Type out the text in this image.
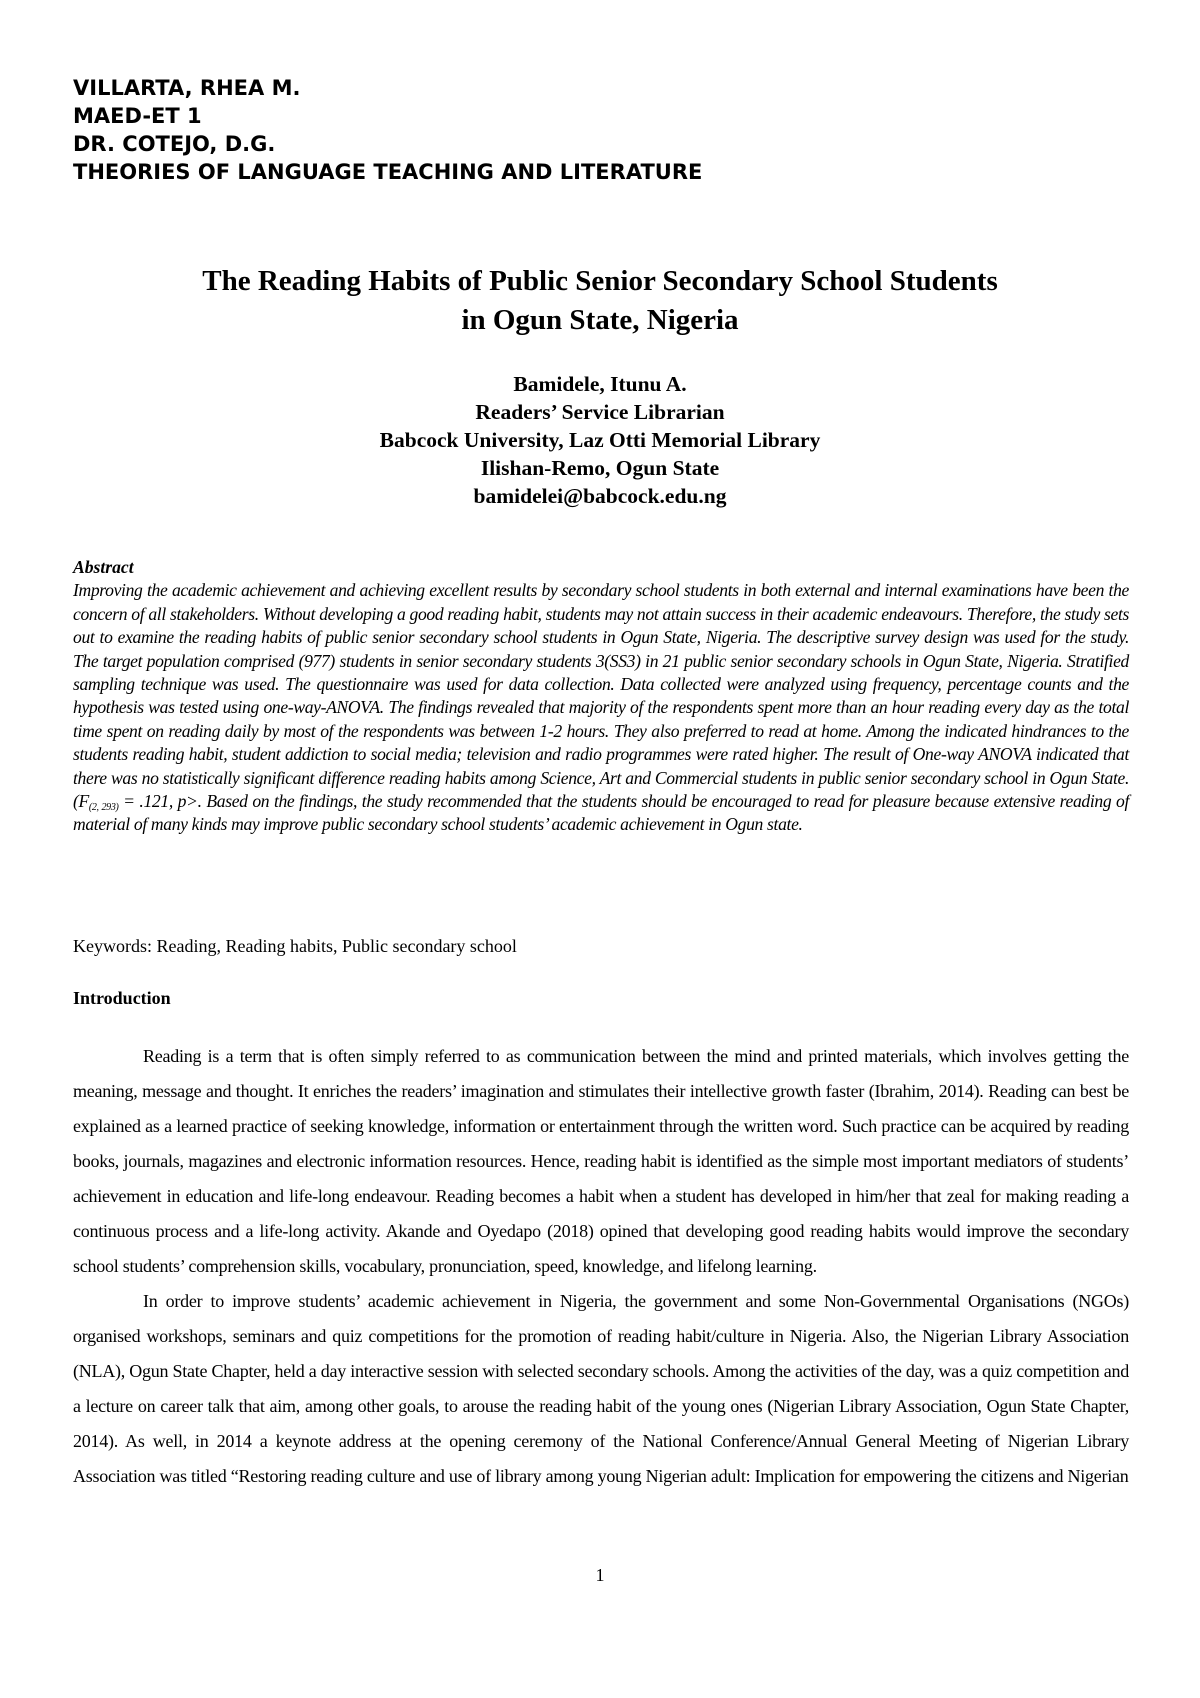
VILLARTA, RHEA M.
MAED-ET 1
DR. COTEJO, D.G.
THEORIES OF LANGUAGE TEACHING AND LITERATURE
The Reading Habits of Public Senior Secondary School Students
in Ogun State, Nigeria
Bamidele, Itunu A.
Readers’ Service Librarian
Babcock University, Laz Otti Memorial Library
Ilishan-Remo, Ogun State
bamidelei@babcock.edu.ng
Abstract
Improving the academic achievement and achieving excellent results by secondary school students in both external and internal examinations have been the concern of all stakeholders. Without developing a good reading habit, students may not attain success in their academic endeavours. Therefore, the study sets out to examine the reading habits of public senior secondary school students in Ogun State, Nigeria. The descriptive survey design was used for the study. The target population comprised (977) students in senior secondary students 3(SS3) in 21 public senior secondary schools in Ogun State, Nigeria. Stratified sampling technique was used. The questionnaire was used for data collection. Data collected were analyzed using frequency, percentage counts and the hypothesis was tested using one-way-ANOVA. The findings revealed that majority of the respondents spent more than an hour reading every day as the total time spent on reading daily by most of the respondents was between 1-2 hours. They also preferred to read at home. Among the indicated hindrances to the students reading habit, student addiction to social media; television and radio programmes were rated higher. The result of One-way ANOVA indicated that there was no statistically significant difference reading habits among Science, Art and Commercial students in public senior secondary school in Ogun State. ($F_{(2, 293)} = .121$, p>. Based on the findings, the study recommended that the students should be encouraged to read for pleasure because extensive reading of material of many kinds may improve public secondary school students’ academic achievement in Ogun state.
Keywords: Reading, Reading habits, Public secondary school
Introduction

Reading is a term that is often simply referred to as communication between the mind and printed materials, which involves getting the meaning, message and thought. It enriches the readers’ imagination and stimulates their intellective growth faster (Ibrahim, 2014). Reading can best be explained as a learned practice of seeking knowledge, information or entertainment through the written word. Such practice can be acquired by reading books, journals, magazines and electronic information resources. Hence, reading habit is identified as the simple most important mediators of students’ achievement in education and life-long endeavour. Reading becomes a habit when a student has developed in him/her that zeal for making reading a continuous process and a life-long activity. Akande and Oyedapo (2018) opined that developing good reading habits would improve the secondary school students’ comprehension skills, vocabulary, pronunciation, speed, knowledge, and lifelong learning.

In order to improve students’ academic achievement in Nigeria, the government and some Non-Governmental Organisations (NGOs) organised workshops, seminars and quiz competitions for the promotion of reading habit/culture in Nigeria. Also, the Nigerian Library Association (NLA), Ogun State Chapter, held a day interactive session with selected secondary schools. Among the activities of the day, was a quiz competition and a lecture on career talk that aim, among other goals, to arouse the reading habit of the young ones (Nigerian Library Association, Ogun State Chapter, 2014). As well, in 2014 a keynote address at the opening ceremony of the National Conference/Annual General Meeting of Nigerian Library Association was titled “Restoring reading culture and use of library among young Nigerian adult: Implication for empowering the citizens and Nigerian

1
